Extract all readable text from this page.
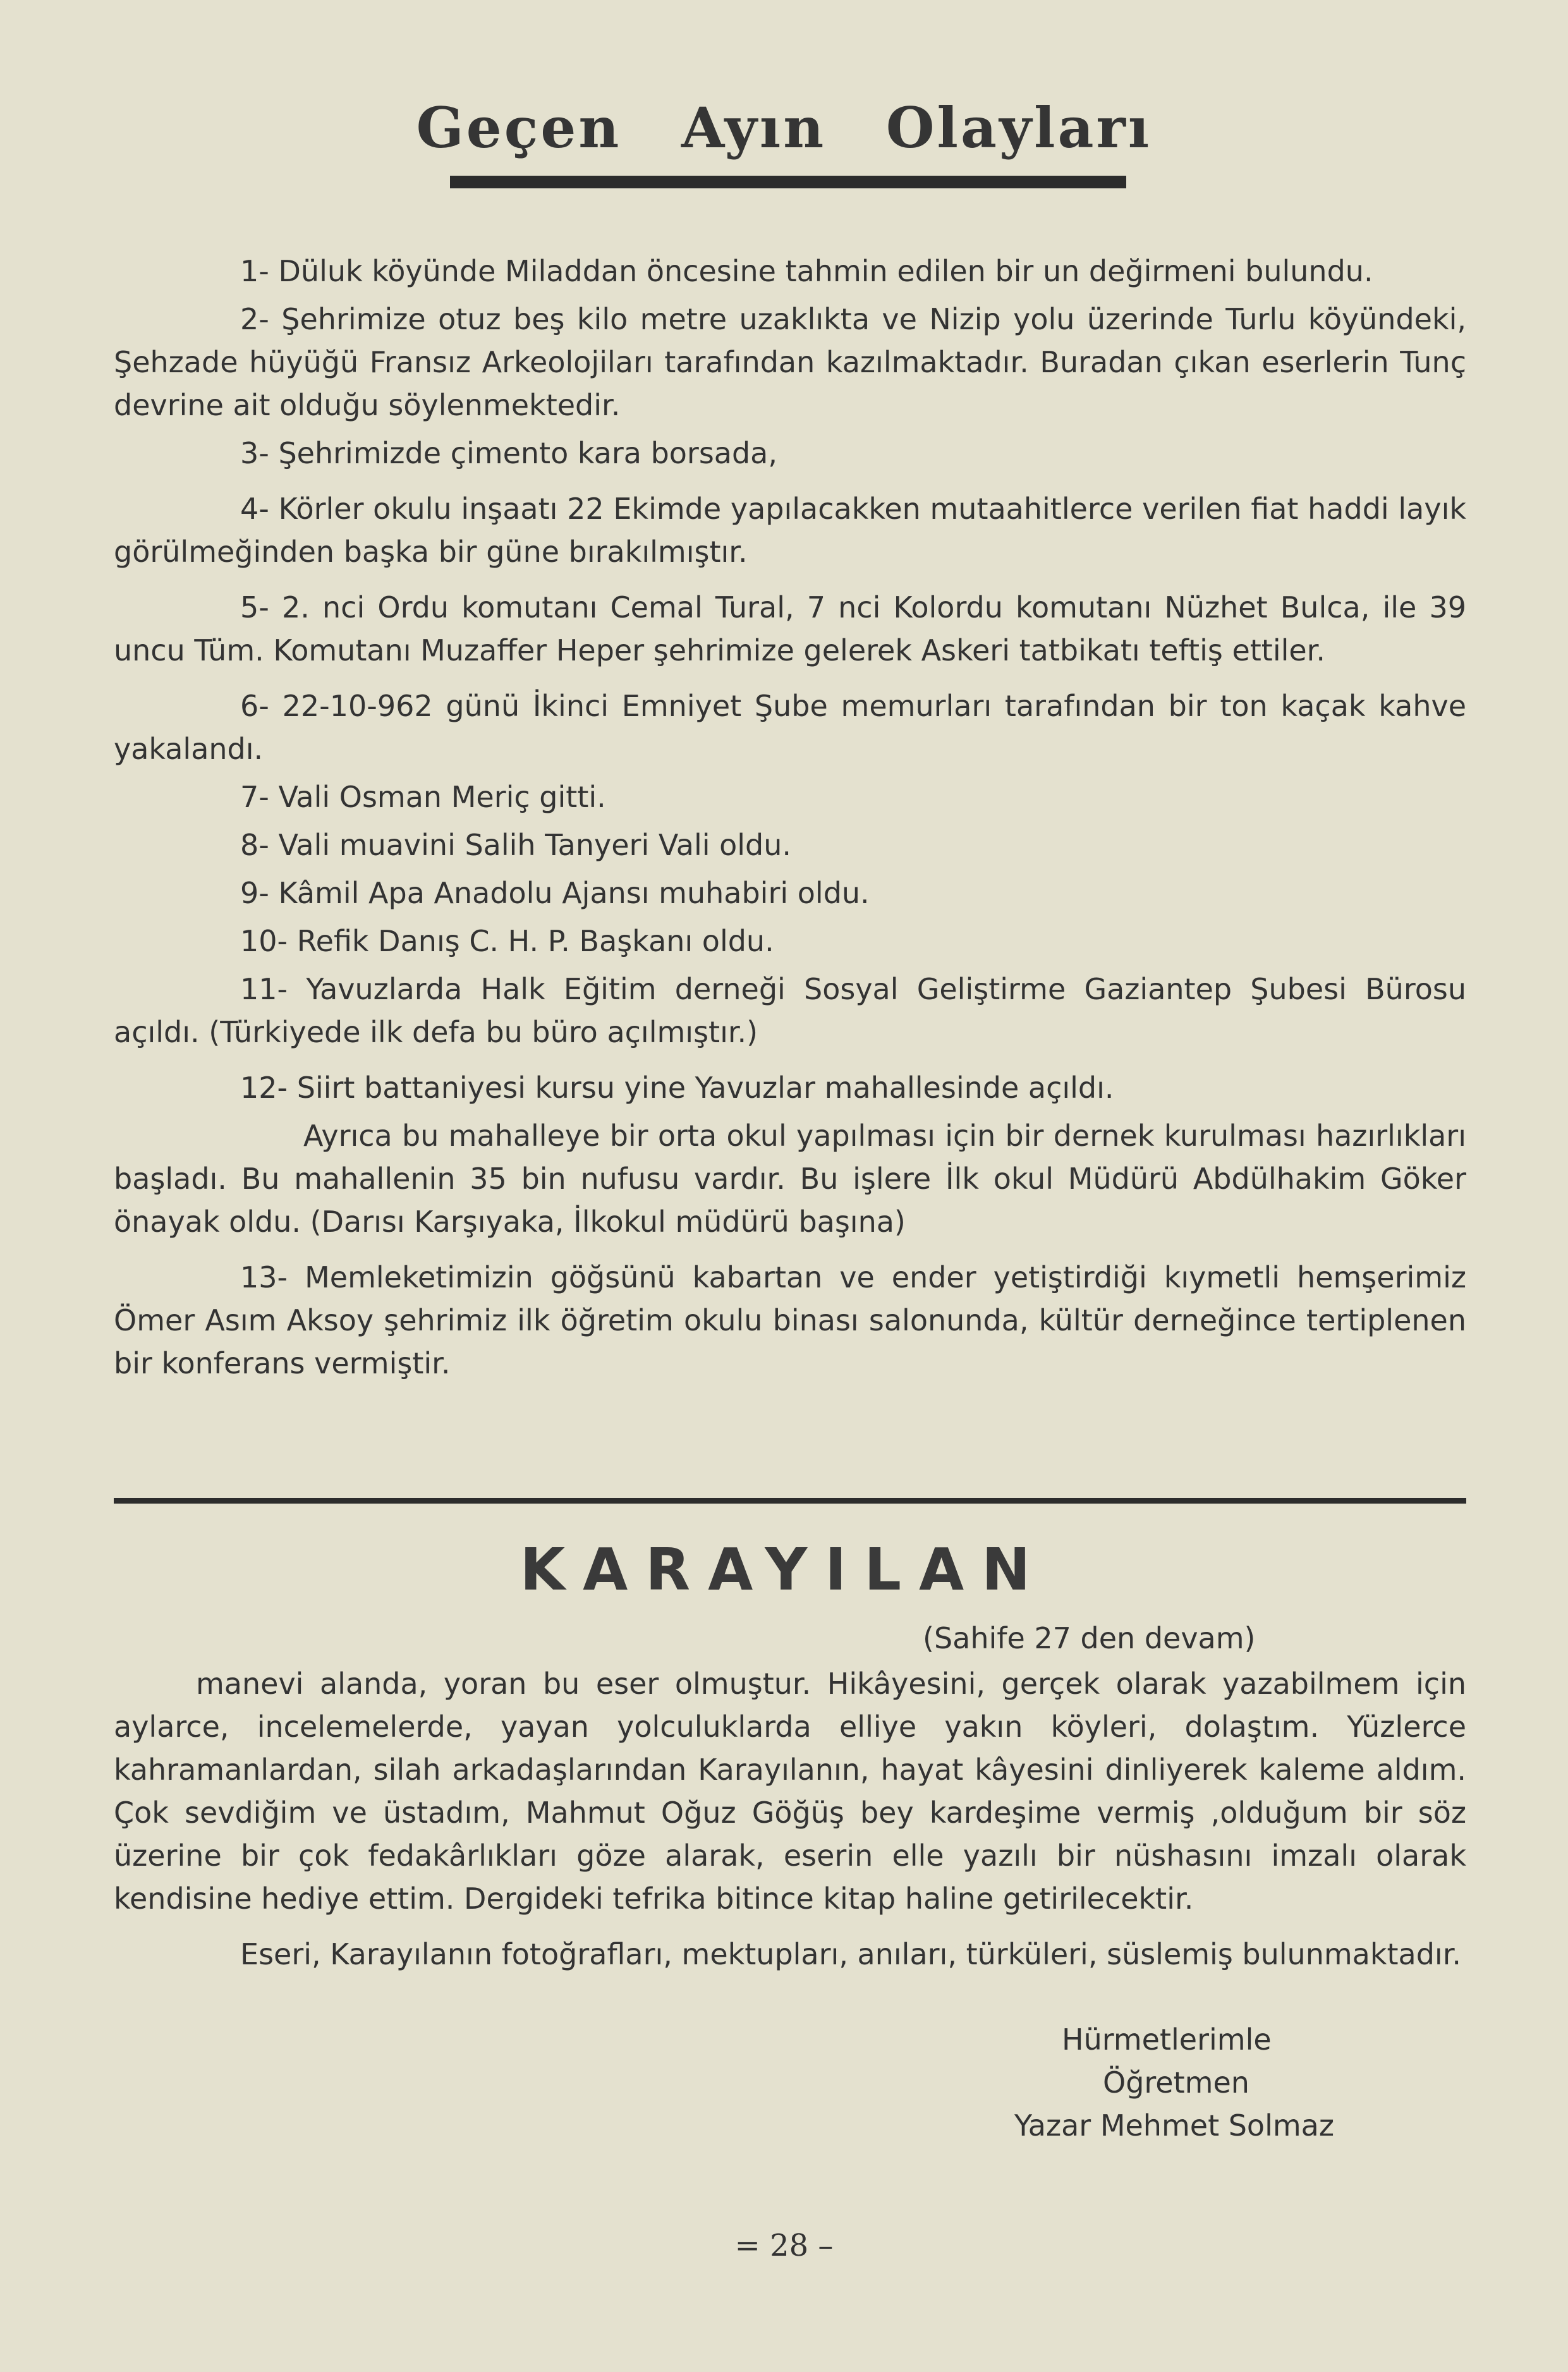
Geçen Ayın Olayları

1- Düluk köyünde Miladdan öncesine tahmin edilen bir un değirmeni bulundu.

2- Şehrimize otuz beş kilo metre uzaklıkta ve Nizip yolu üzerinde Turlu köyündeki, Şehzade hüyüğü Fransız Arkeolojiları tarafından kazılmaktadır. Buradan çıkan eserlerin Tunç devrine ait olduğu söylenmektedir.

3- Şehrimizde çimento kara borsada,

4- Körler okulu inşaatı 22 Ekimde yapılacakken mutaahitlerce verilen fiat haddi layık görülmeğinden başka bir güne bırakılmıştır.

5- 2. nci Ordu komutanı Cemal Tural, 7 nci Kolordu komutanı Nüzhet Bulca, ile 39 uncu Tüm. Komutanı Muzaffer Heper şehrimize gelerek Askeri tatbikatı teftiş ettiler.

6- 22-10-962 günü İkinci Emniyet Şube memurları tarafından bir ton kaçak kahve yakalandı.

7- Vali Osman Meriç gitti.

8- Vali muavini Salih Tanyeri Vali oldu.

9- Kâmil Apa Anadolu Ajansı muhabiri oldu.

10- Refik Danış C. H. P. Başkanı oldu.

11- Yavuzlarda Halk Eğitim derneği Sosyal Geliştirme Gaziantep Şubesi Bürosu açıldı. (Türkiyede ilk defa bu büro açılmıştır.)

12- Siirt battaniyesi kursu yine Yavuzlar mahallesinde açıldı.

Ayrıca bu mahalleye bir orta okul yapılması için bir dernek kurulması hazırlıkları başladı. Bu mahallenin 35 bin nufusu vardır. Bu işlere İlk okul Müdürü Abdülhakim Göker önayak oldu. (Darısı Karşıyaka, İlkokul müdürü başına)

13- Memleketimizin göğsünü kabartan ve ender yetiştirdiği kıymetli hemşerimiz Ömer Asım Aksoy şehrimiz ilk öğretim okulu binası salonunda, kültür derneğince tertiplenen bir konferans vermiştir.

KARAYILAN
(Sahife 27 den devam)

manevi alanda, yoran bu eser olmuştur. Hikâyesini, gerçek olarak yazabilmem için aylarce, incelemelerde, yayan yolculuklarda elliye yakın köyleri, dolaştım. Yüzlerce kahramanlardan, silah arkadaşlarından Karayılanın, hayat kâyesini dinliyerek kaleme aldım. Çok sevdiğim ve üstadım, Mahmut Oğuz Göğüş bey kardeşime vermiş ,olduğum bir söz üzerine bir çok fedakârlıkları göze alarak, eserin elle yazılı bir nüshasını imzalı olarak kendisine hediye ettim. Dergideki tefrika bitince kitap haline getirilecektir.

Eseri, Karayılanın fotoğrafları, mektupları, anıları, türküleri, süslemiş bulunmaktadır.

Hürmetlerimle
Öğretmen
Yazar Mehmet Solmaz
= 28 –
